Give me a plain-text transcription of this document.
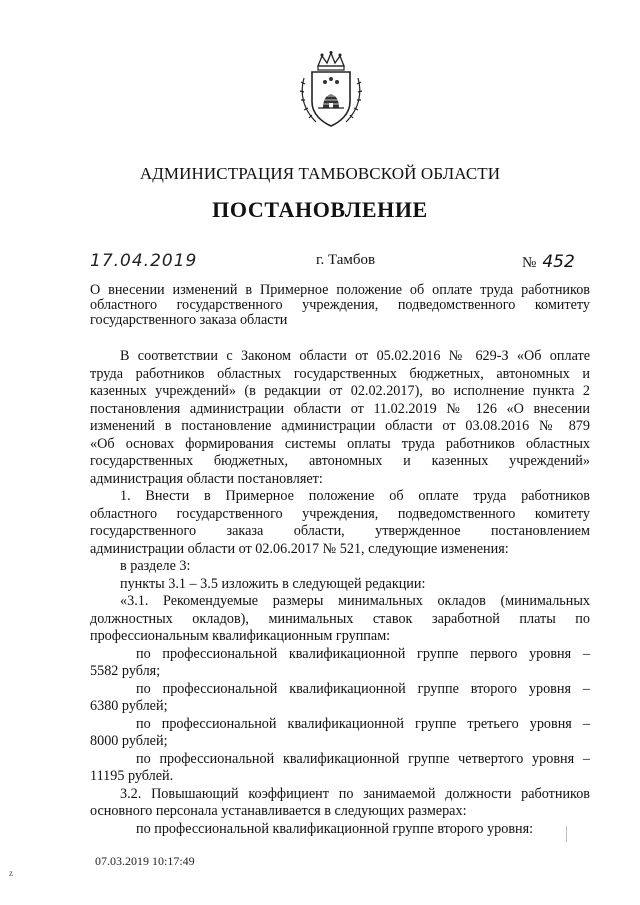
АДМИНИСТРАЦИЯ ТАМБОВСКОЙ ОБЛАСТИ
ПОСТАНОВЛЕНИЕ
17.04.2019	г. Тамбов	№ 452
О внесении изменений в Примерное положение об оплате труда работников
областного государственного учреждения, подведомственного комитету
государственного заказа области
В соответствии с Законом области от 05.02.2016 № 629-З «Об оплате
труда работников областных государственных бюджетных, автономных и
казенных учреждений» (в редакции от 02.02.2017), во исполнение пункта 2
постановления администрации области от 11.02.2019 № 126 «О внесении
изменений в постановление администрации области от 03.08.2016 № 879
«Об основах формирования системы оплаты труда работников областных
государственных бюджетных, автономных и казенных учреждений»
администрация области постановляет:
1. Внести в Примерное положение об оплате труда работников
областного государственного учреждения, подведомственного комитету
государственного заказа области, утвержденное постановлением
администрации области от 02.06.2017 № 521, следующие изменения:
в разделе 3:
пункты 3.1 – 3.5 изложить в следующей редакции:
«3.1. Рекомендуемые размеры минимальных окладов (минимальных
должностных окладов), минимальных ставок заработной платы по
профессиональным квалификационным группам:
по профессиональной квалификационной группе первого уровня –
5582 рубля;
по профессиональной квалификационной группе второго уровня –
6380 рублей;
по профессиональной квалификационной группе третьего уровня –
8000 рублей;
по профессиональной квалификационной группе четвертого уровня –
11195 рублей.
3.2. Повышающий коэффициент по занимаемой должности работников
основного персонала устанавливается в следующих размерах:
по профессиональной квалификационной группе второго уровня:
07.03.2019 10:17:49
z
